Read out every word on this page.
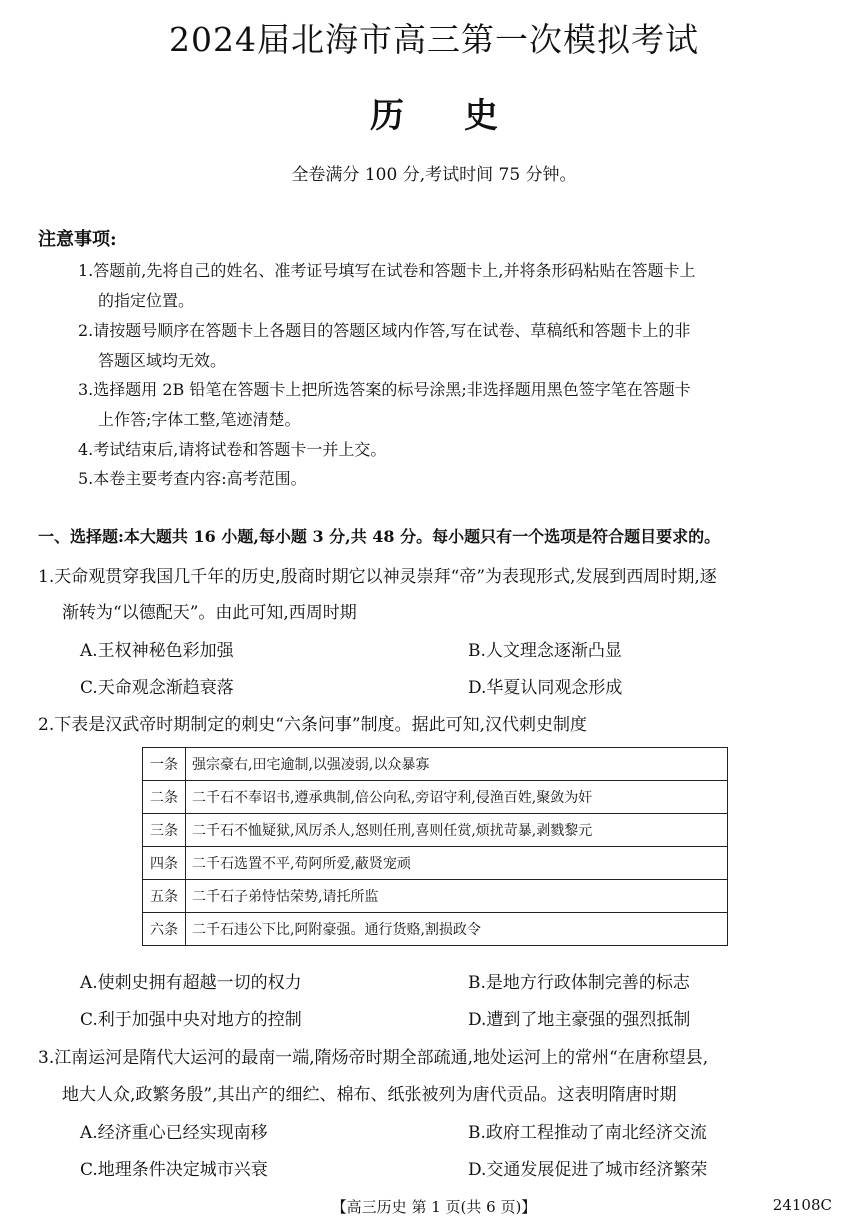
2024届北海市高三第一次模拟考试
历史
全卷满分 100 分,考试时间 75 分钟。
注意事项:
1.答题前,先将自己的姓名、准考证号填写在试卷和答题卡上,并将条形码粘贴在答题卡上
的指定位置。
2.请按题号顺序在答题卡上各题目的答题区域内作答,写在试卷、草稿纸和答题卡上的非
答题区域均无效。
3.选择题用 2B 铅笔在答题卡上把所选答案的标号涂黑;非选择题用黑色签字笔在答题卡
上作答;字体工整,笔迹清楚。
4.考试结束后,请将试卷和答题卡一并上交。
5.本卷主要考查内容:高考范围。
一、选择题:本大题共 16 小题,每小题 3 分,共 48 分。每小题只有一个选项是符合题目要求的。
1.天命观贯穿我国几千年的历史,殷商时期它以神灵崇拜“帝”为表现形式,发展到西周时期,逐
渐转为“以德配天”。由此可知,西周时期
A.王权神秘色彩加强	B.人文理念逐渐凸显
C.天命观念渐趋衰落	D.华夏认同观念形成
2.下表是汉武帝时期制定的刺史“六条问事”制度。据此可知,汉代刺史制度
一条	强宗豪右,田宅逾制,以强凌弱,以众暴寡
二条	二千石不奉诏书,遵承典制,倍公向私,旁诏守利,侵渔百姓,聚敛为奸
三条	二千石不恤疑狱,风厉杀人,怒则任刑,喜则任赏,烦扰苛暴,剥戮黎元
四条	二千石选置不平,苟阿所爱,蔽贤宠顽
五条	二千石子弟恃怙荣势,请托所监
六条	二千石违公下比,阿附豪强。通行货赂,割损政令
A.使刺史拥有超越一切的权力	B.是地方行政体制完善的标志
C.利于加强中央对地方的控制	D.遭到了地主豪强的强烈抵制
3.江南运河是隋代大运河的最南一端,隋炀帝时期全部疏通,地处运河上的常州“在唐称望县,
地大人众,政繁务殷”,其出产的细纻、棉布、纸张被列为唐代贡品。这表明隋唐时期
A.经济重心已经实现南移	B.政府工程推动了南北经济交流
C.地理条件决定城市兴衰	D.交通发展促进了城市经济繁荣
【高三历史 第 1 页(共 6 页)】	24108C
